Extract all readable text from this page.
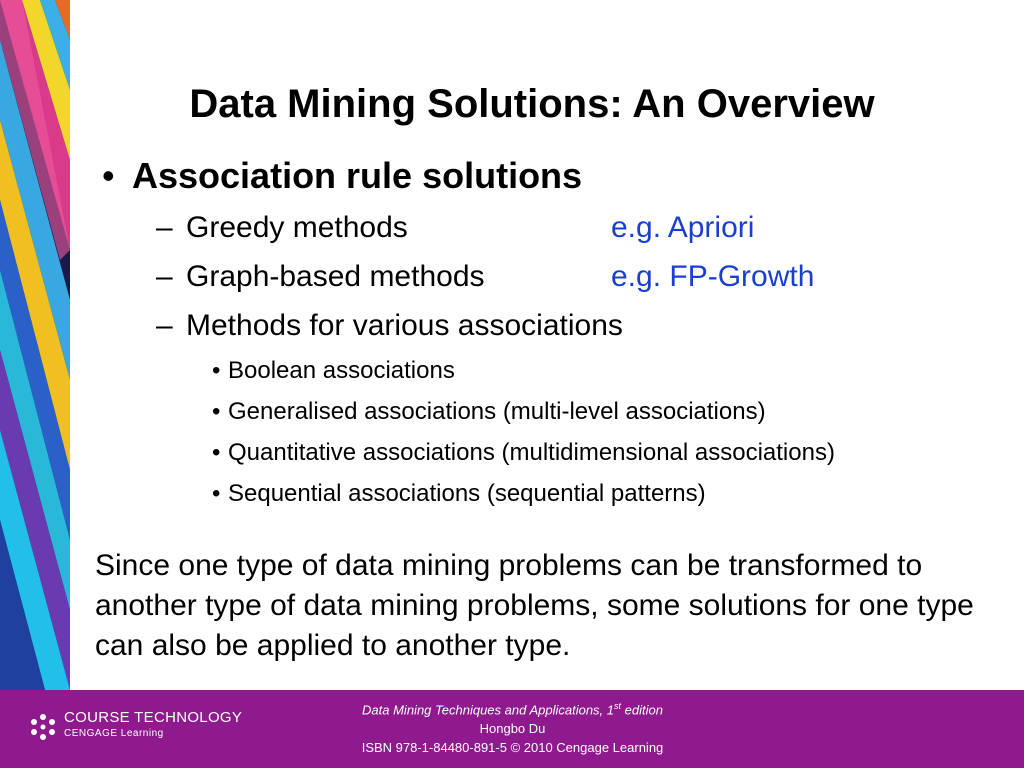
Data Mining Solutions: An Overview

• Association rule solutions

– Greedy methods	e.g. Apriori

– Graph-based methods	e.g. FP-Growth

– Methods for various associations

• Boolean associations

• Generalised associations (multi-level associations)

• Quantitative associations (multidimensional associations)

• Sequential associations (sequential patterns)

Since one type of data mining problems can be transformed to another type of data mining problems, some solutions for one type can also be applied to another type.

COURSE TECHNOLOGY
CENGAGE Learning
Data Mining Techniques and Applications, 1st edition
Hongbo Du
ISBN 978-1-84480-891-5 © 2010 Cengage Learning
